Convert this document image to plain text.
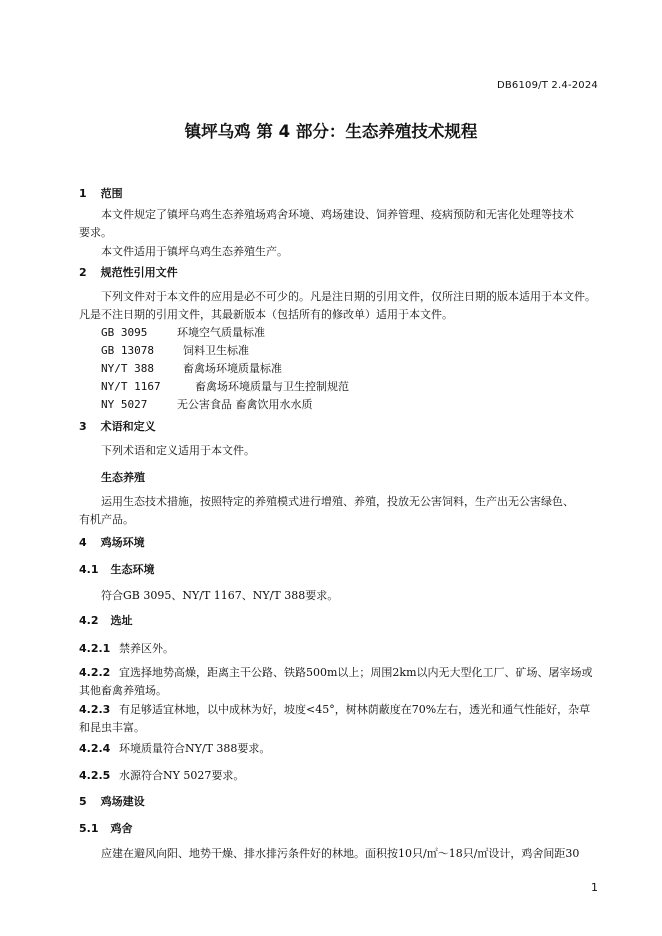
DB6109/T 2.4-2024
镇坪乌鸡 第 4 部分：生态养殖技术规程
1 范围
本文件规定了镇坪乌鸡生态养殖场鸡舍环境、鸡场建设、饲养管理、疫病预防和无害化处理等技术
要求。
本文件适用于镇坪乌鸡生态养殖生产。
2 规范性引用文件
下列文件对于本文件的应用是必不可少的。凡是注日期的引用文件，仅所注日期的版本适用于本文件。
凡是不注日期的引用文件，其最新版本（包括所有的修改单）适用于本文件。
GB 3095	环境空气质量标准
GB 13078	饲料卫生标准
NY/T 388	畜禽场环境质量标准
NY/T 1167	畜禽场环境质量与卫生控制规范
NY 5027	无公害食品 畜禽饮用水水质
3 术语和定义
下列术语和定义适用于本文件。
生态养殖
运用生态技术措施，按照特定的养殖模式进行增殖、养殖，投放无公害饲料，生产出无公害绿色、
有机产品。
4 鸡场环境
4.1 生态环境
符合GB 3095、NY/T 1167、NY/T 388要求。
4.2 选址
4.2.1 禁养区外。
4.2.2 宜选择地势高燥，距离主干公路、铁路500m以上；周围2km以内无大型化工厂、矿场、屠宰场或
其他畜禽养殖场。
4.2.3 有足够适宜林地，以中成林为好，坡度<45°，树林荫蔽度在70%左右，透光和通气性能好，杂草
和昆虫丰富。
4.2.4 环境质量符合NY/T 388要求。
4.2.5 水源符合NY 5027要求。
5 鸡场建设
5.1 鸡舍
应建在避风向阳、地势干燥、排水排污条件好的林地。面积按10只/㎡～18只/㎡设计，鸡舍间距30
1
